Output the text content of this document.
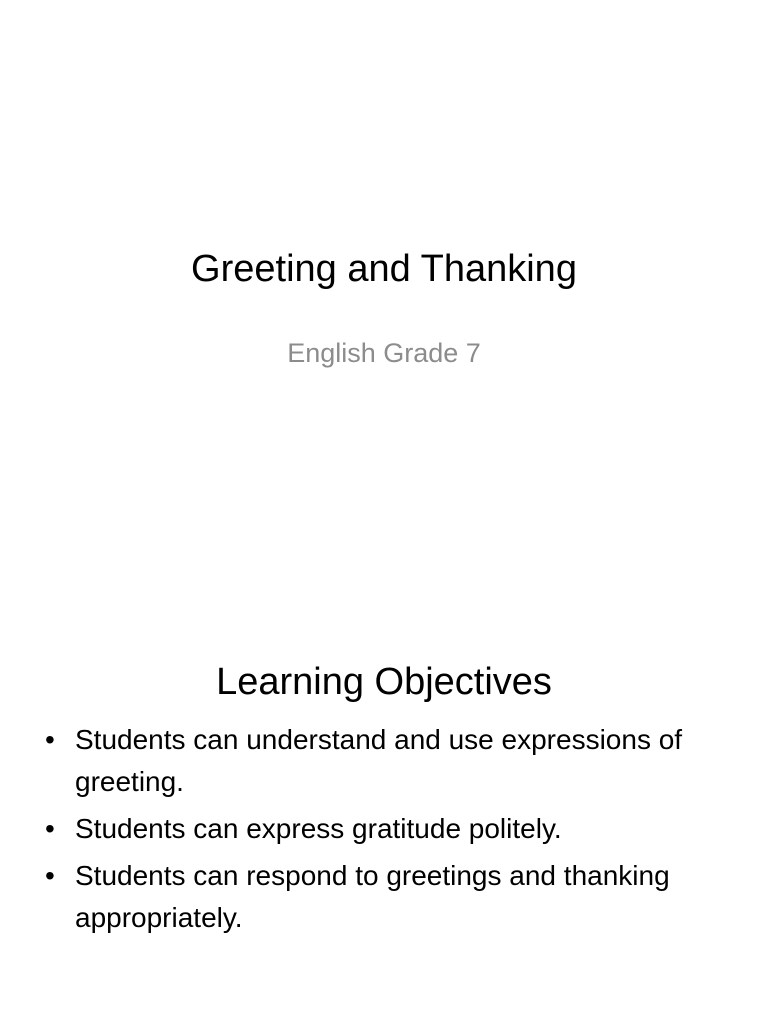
Greeting and Thanking
English Grade 7
Learning Objectives
• Students can understand and use expressions of greeting.
• Students can express gratitude politely.
• Students can respond to greetings and thanking appropriately.
